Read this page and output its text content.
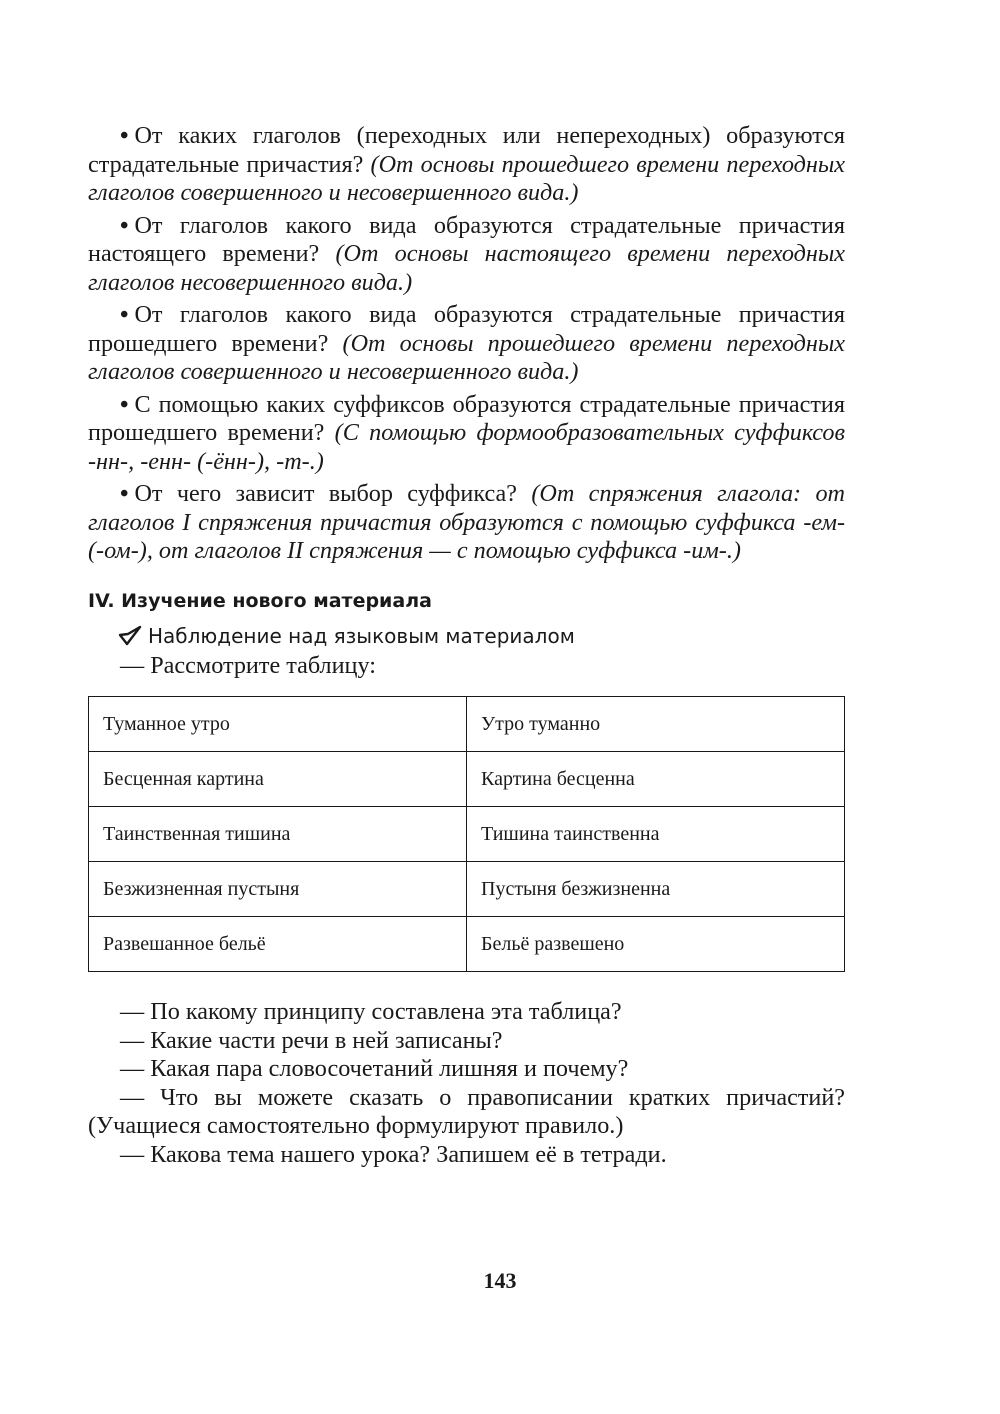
• От каких глаголов (переходных или непереходных) образуются страдательные причастия? (От основы прошедшего времени переходных глаголов совершенного и несовершенного вида.)

• От глаголов какого вида образуются страдательные причастия настоящего времени? (От основы настоящего времени переходных глаголов несовершенного вида.)

• От глаголов какого вида образуются страдательные причастия прошедшего времени? (От основы прошедшего времени переходных глаголов совершенного и несовершенного вида.)

• С помощью каких суффиксов образуются страдательные причастия прошедшего времени? (С помощью формообразовательных суффиксов -нн-, -енн- (-ённ-), -т-.)

• От чего зависит выбор суффикса? (От спряжения глагола: от глаголов I спряжения причастия образуются с помощью суффикса -ем- (-ом-), от глаголов II спряжения — с помощью суффикса -им-.)

IV. Изучение нового материала
Наблюдение над языковым материалом

— Рассмотрите таблицу:

Туманное утро	Утро туманно
Бесценная картина	Картина бесценна
Таинственная тишина	Тишина таинственна
Безжизненная пустыня	Пустыня безжизненна
Развешанное бельё	Бельё развешено

— По какому принципу составлена эта таблица?

— Какие части речи в ней записаны?

— Какая пара словосочетаний лишняя и почему?

— Что вы можете сказать о правописании кратких причастий? (Учащиеся самостоятельно формулируют правило.)

— Какова тема нашего урока? Запишем её в тетради.

143
